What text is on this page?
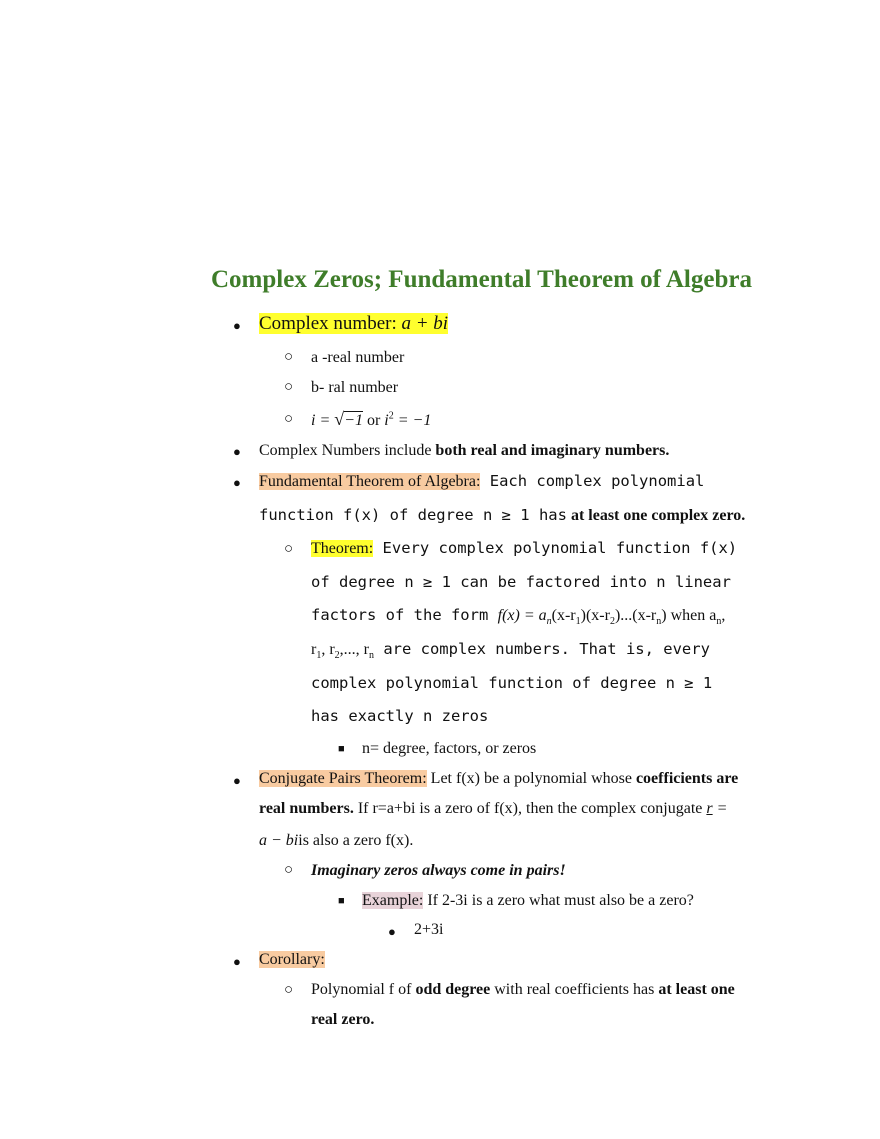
Complex Zeros; Fundamental Theorem of Algebra
● Complex number: a + bi
○ a -real number
○ b- ral number
○ i = √−1 or $i^2 = -1$
● Complex Numbers include both real and imaginary numbers.
● Fundamental Theorem of Algebra: Each complex polynomial
function f(x) of degree n ≥ 1 has at least one complex zero.
○ Theorem: Every complex polynomial function f(x)
of degree n ≥ 1 can be factored into n linear
factors of the form $f(x) = a_n(x-r_1)(x-r_2)...(x-r_n)$ when $a_n$,
$r_1$, $r_2$,..., $r_n$ are complex numbers. That is, every
complex polynomial function of degree n ≥ 1
has exactly n zeros
■ n= degree, factors, or zeros
● Conjugate Pairs Theorem: Let f(x) be a polynomial whose coefficients are
real numbers. If r=a+bi is a zero of f(x), then the complex conjugate r =
a − biis also a zero f(x).
○ Imaginary zeros always come in pairs!
■ Example: If 2-3i is a zero what must also be a zero?
● 2+3i
● Corollary:
○ Polynomial f of odd degree with real coefficients has at least one
real zero.
